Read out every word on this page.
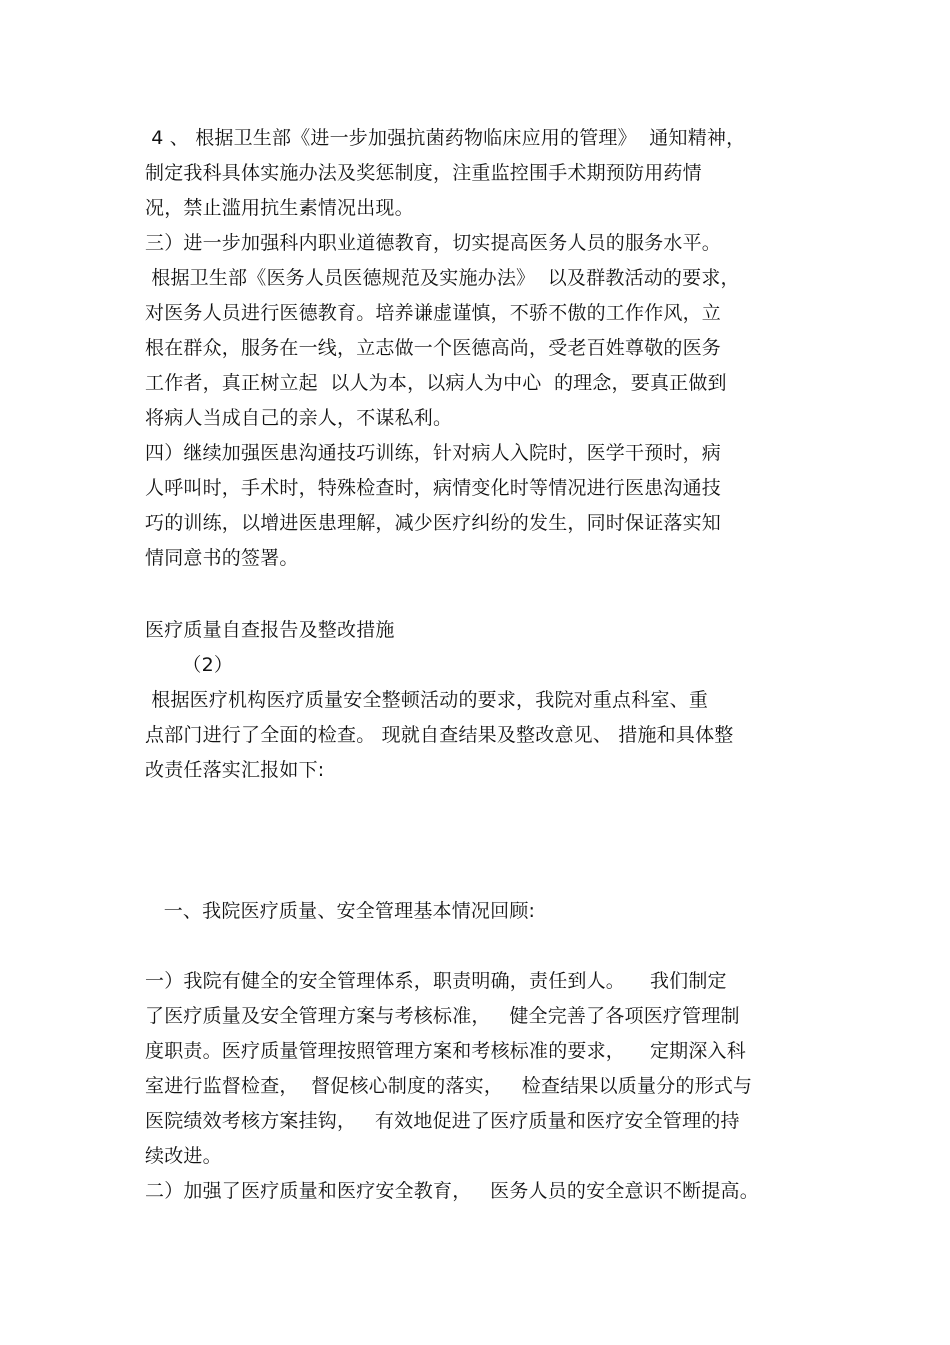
4 、 根据卫生部《进一步加强抗菌药物临床应用的管理》  通知精神，
制定我科具体实施办法及奖惩制度，注重监控围手术期预防用药情
况，禁止滥用抗生素情况出现。
三）进一步加强科内职业道德教育，切实提高医务人员的服务水平。
根据卫生部《医务人员医德规范及实施办法》  以及群教活动的要求，
对医务人员进行医德教育。培养谦虚谨慎，不骄不傲的工作作风，立
根在群众，服务在一线，立志做一个医德高尚，受老百姓尊敬的医务
工作者，真正树立起  以人为本，以病人为中心  的理念，要真正做到
将病人当成自己的亲人，不谋私利。
四）继续加强医患沟通技巧训练，针对病人入院时，医学干预时，病
人呼叫时，手术时，特殊检查时，病情变化时等情况进行医患沟通技
巧的训练，以增进医患理解，减少医疗纠纷的发生，同时保证落实知
情同意书的签署。
医疗质量自查报告及整改措施
（2）
根据医疗机构医疗质量安全整顿活动的要求，我院对重点科室、重
点部门进行了全面的检查。 现就自查结果及整改意见、 措施和具体整
改责任落实汇报如下:
一、我院医疗质量、安全管理基本情况回顾:
一）我院有健全的安全管理体系，职责明确，责任到人。    我们制定
了医疗质量及安全管理方案与考核标准，   健全完善了各项医疗管理制
度职责。医疗质量管理按照管理方案和考核标准的要求，    定期深入科
室进行监督检查，  督促核心制度的落实，   检查结果以质量分的形式与
医院绩效考核方案挂钩，   有效地促进了医疗质量和医疗安全管理的持
续改进。
二）加强了医疗质量和医疗安全教育，   医务人员的安全意识不断提高。
